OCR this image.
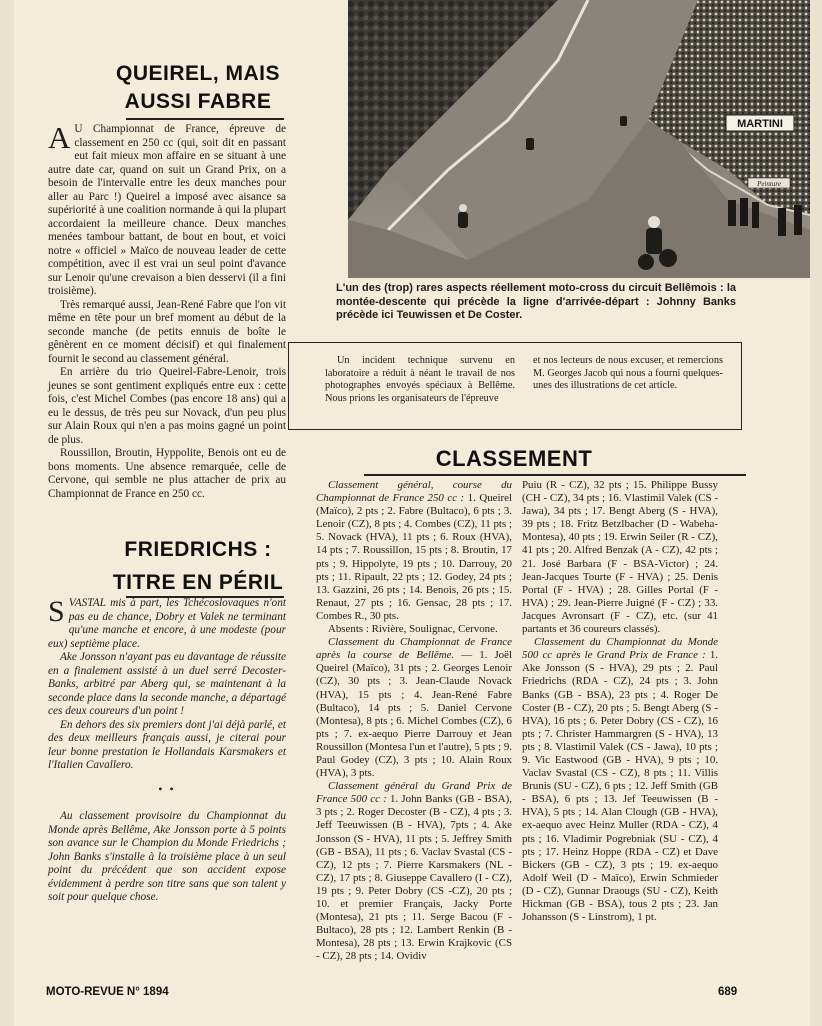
QUEIREL, MAIS AUSSI FABRE

A U Championnat de France, épreuve de classement en 250 cc (qui, soit dit en passant eut fait mieux mon affaire en se situant à une autre date car, quand on suit un Grand Prix, on a besoin de l'intervalle entre les deux manches pour aller au Parc !) Queirel a imposé avec aisance sa supériorité à une coalition normande à qui la plupart accordaient la meilleure chance. Deux manches menées tambour battant, de bout en bout, et voici notre « officiel » Maïco de nouveau leader de cette compétition, avec il est vrai un seul point d'avance sur Lenoir qu'une crevaison a bien desservi (il a fini troisième).

Très remarqué aussi, Jean-René Fabre que l'on vit même en tête pour un bref moment au début de la seconde manche (de petits ennuis de boîte le gênèrent en ce moment décisif) et qui finalement fournit le second au classement général.

En arrière du trio Queirel-Fabre-Lenoir, trois jeunes se sont gentiment expliqués entre eux : cette fois, c'est Michel Combes (pas encore 18 ans) qui a eu le dessus, de très peu sur Novack, d'un peu plus sur Alain Roux qui n'en a pas moins gagné un point de plus.

Roussillon, Broutin, Hyppolite, Benois ont eu de bons moments. Une absence remarquée, celle de Cervone, qui semble ne plus attacher de prix au Championnat de France en 250 cc.

FRIEDRICHS : TITRE EN PÉRIL

SVASTAL mis à part, les Tchécoslovaques n'ont pas eu de chance, Dobry et Valek ne terminant qu'une manche et encore, à une modeste (pour eux) septième place.

Ake Jonsson n'ayant pas eu davantage de réussite en a finalement assisté à un duel serré Decoster-Banks, arbitré par Aberg qui, se maintenant à la seconde place dans la seconde manche, a départagé ces deux coureurs d'un point !

En dehors des six premiers dont j'ai déjà parlé, et des deux meilleurs français aussi, je citerai pour leur bonne prestation le Hollandais Karsmakers et l'Italien Cavallero.

• •

Au classement provisoire du Championnat du Monde après Bellême, Ake Jonsson porte à 5 points son avance sur le Champion du Monde Friedrichs ; John Banks s'installe à la troisième place à un seul point du précédent que son accident expose évidemment à perdre son titre sans que son talent y soit pour quelque chose.

MARTINI
Peinture
L'un des (trop) rares aspects réellement moto-cross du circuit Bellêmois : la montée-descente qui précède la ligne d'arrivée-départ : Johnny Banks précède ici Teuwissen et De Coster.
Un incident technique survenu en laboratoire a réduit à néant le travail de nos photographes envoyés spéciaux à Bellême. Nous prions les organisateurs de l'épreuve
et nos lecteurs de nous excuser, et remercions M. Georges Jacob qui nous a fourni quelques-unes des illustrations de cet article.
CLASSEMENT

Classement général, course du Championnat de France 250 cc : 1. Queirel (Maïco), 2 pts ; 2. Fabre (Bultaco), 6 pts ; 3. Lenoir (CZ), 8 pts ; 4. Combes (CZ), 11 pts ; 5. Novack (HVA), 11 pts ; 6. Roux (HVA), 14 pts ; 7. Roussillon, 15 pts ; 8. Broutin, 17 pts ; 9. Hippolyte, 19 pts ; 10. Darrouy, 20 pts ; 11. Ripault, 22 pts ; 12. Godey, 24 pts ; 13. Gazzini, 26 pts ; 14. Benois, 26 pts ; 15. Renaut, 27 pts ; 16. Gensac, 28 pts ; 17. Combes R., 30 pts.

Absents : Rivière, Soulignac, Cervone.

Classement du Championnat de France après la course de Bellême. — 1. Joël Queirel (Maïco), 31 pts ; 2. Georges Lenoir (CZ), 30 pts ; 3. Jean-Claude Novack (HVA), 15 pts ; 4. Jean-René Fabre (Bultaco), 14 pts ; 5. Daniel Cervone (Montesa), 8 pts ; 6. Michel Combes (CZ), 6 pts ; 7. ex-aequo Pierre Darrouy et Jean Roussillon (Montesa l'un et l'autre), 5 pts ; 9. Paul Godey (CZ), 3 pts ; 10. Alain Roux (HVA), 3 pts.

Classement général du Grand Prix de France 500 cc : 1. John Banks (GB - BSA), 3 pts ; 2. Roger Decoster (B - CZ), 4 pts ; 3. Jeff Teeuwissen (B - HVA), 7pts ; 4. Ake Jonsson (S - HVA), 11 pts ; 5. Jeffrey Smith (GB - BSA), 11 pts ; 6. Vaclav Svastal (CS - CZ), 12 pts ; 7. Pierre Karsmakers (NL - CZ), 17 pts ; 8. Giuseppe Cavallero (I - CZ), 19 pts ; 9. Peter Dobry (CS -CZ), 20 pts ; 10. et premier Français, Jacky Porte (Montesa), 21 pts ; 11. Serge Bacou (F - Bultaco), 28 pts ; 12. Lambert Renkin (B - Montesa), 28 pts ; 13. Erwin Krajkovic (CS - CZ), 28 pts ; 14. Ovidiv

Puiu (R - CZ), 32 pts ; 15. Philippe Bussy (CH - CZ), 34 pts ; 16. Vlastimil Valek (CS - Jawa), 34 pts ; 17. Bengt Aberg (S - HVA), 39 pts ; 18. Fritz Betzlbacher (D - Wabeha-Montesa), 40 pts ; 19. Erwin Seiler (R - CZ), 41 pts ; 20. Alfred Benzak (A - CZ), 42 pts ; 21. José Barbara (F - BSA-Victor) ; 24. Jean-Jacques Tourte (F - HVA) ; 25. Denis Portal (F - HVA) ; 28. Gilles Portal (F - HVA) ; 29. Jean-Pierre Juigné (F - CZ) ; 33. Jacques Avronsart (F - CZ), etc. (sur 41 partants et 36 coureurs classés).

Classement du Championnat du Monde 500 cc après le Grand Prix de France : 1. Ake Jonsson (S - HVA), 29 pts ; 2. Paul Friedrichs (RDA - CZ), 24 pts ; 3. John Banks (GB - BSA), 23 pts ; 4. Roger De Coster (B - CZ), 20 pts ; 5. Bengt Aberg (S - HVA), 16 pts ; 6. Peter Dobry (CS - CZ), 16 pts ; 7. Christer Hammargren (S - HVA), 13 pts ; 8. Vlastimil Valek (CS - Jawa), 10 pts ; 9. Vic Eastwood (GB - HVA), 9 pts ; 10. Vaclav Svastal (CS - CZ), 8 pts ; 11. Villis Brunis (SU - CZ), 6 pts ; 12. Jeff Smith (GB - BSA), 6 pts ; 13. Jef Teeuwissen (B - HVA), 5 pts ; 14. Alan Clough (GB - HVA), ex-aequo avec Heinz Muller (RDA - CZ), 4 pts ; 16. Vladimir Pogrebniak (SU - CZ), 4 pts ; 17. Heinz Hoppe (RDA - CZ) et Dave Bickers (GB - CZ), 3 pts ; 19. ex-aequo Adolf Weil (D - Maïco), Erwin Schmieder (D - CZ), Gunnar Draougs (SU - CZ), Keith Hickman (GB - BSA), tous 2 pts ; 23. Jan Johansson (S - Linstrom), 1 pt.

MOTO-REVUE N° 1894	689
